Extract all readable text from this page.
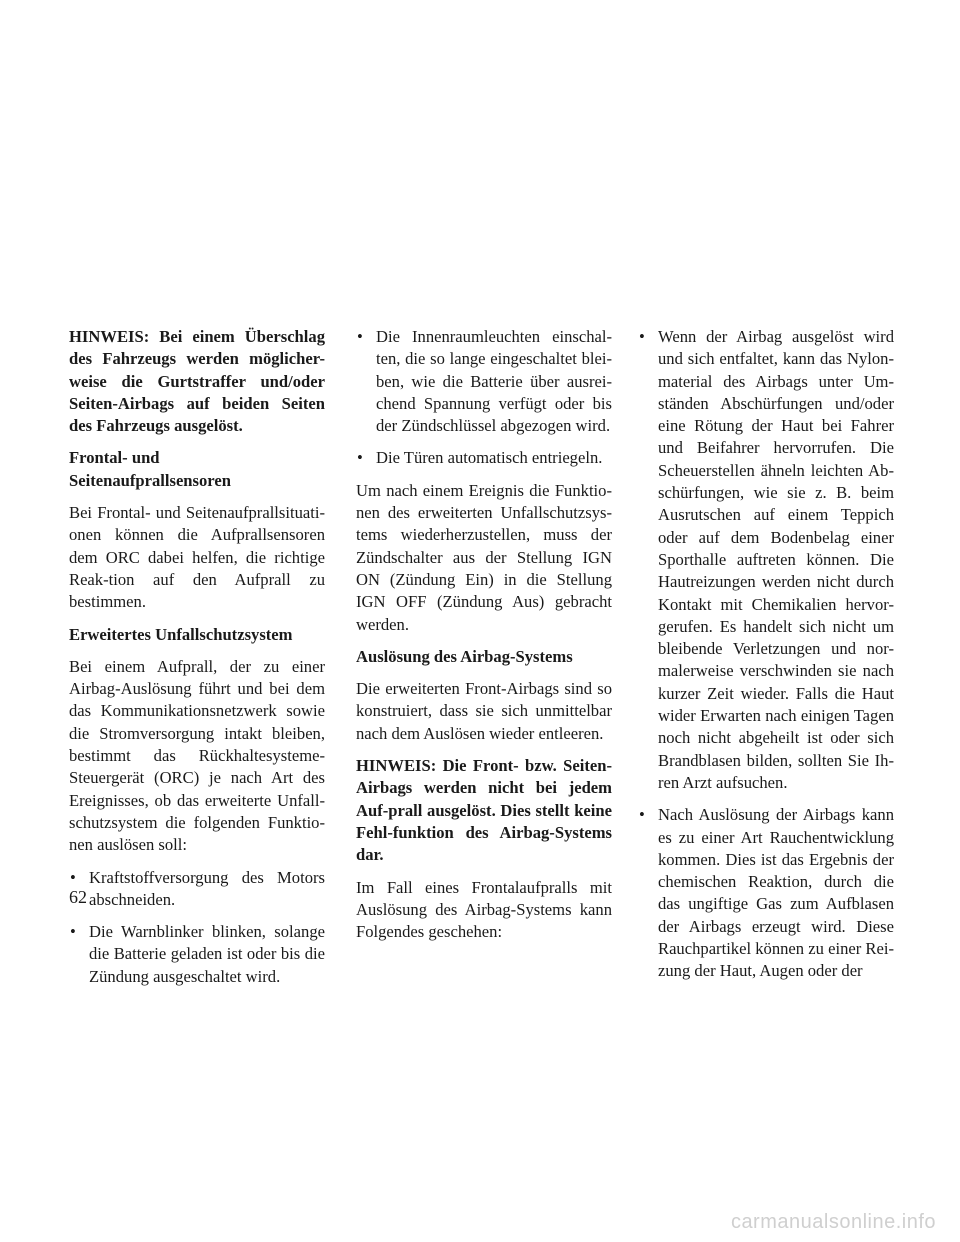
HINWEIS: Bei einem Überschlag des Fahrzeugs werden möglicher-weise die Gurtstraffer und/oder Seiten-Airbags auf beiden Seiten des Fahrzeugs ausgelöst.

Frontal- und Seitenaufprallsensoren

Bei Frontal- und Seitenaufprallsituati-onen können die Aufprallsensoren dem ORC dabei helfen, die richtige Reak-tion auf den Aufprall zu bestimmen.

Erweitertes Unfallschutzsystem

Bei einem Aufprall, der zu einer Airbag-Auslösung führt und bei dem das Kommunikationsnetzwerk sowie die Stromversorgung intakt bleiben, bestimmt das Rückhaltesysteme-Steuergerät (ORC) je nach Art des Ereignisses, ob das erweiterte Unfall-schutzsystem die folgenden Funktio-nen auslösen soll:

• Kraftstoffversorgung des Motors abschneiden.
• Die Warnblinker blinken, solange die Batterie geladen ist oder bis die Zündung ausgeschaltet wird.
• Die Innenraumleuchten einschal-ten, die so lange eingeschaltet blei-ben, wie die Batterie über ausrei-chend Spannung verfügt oder bis der Zündschlüssel abgezogen wird.
• Die Türen automatisch entriegeln.

Um nach einem Ereignis die Funktio-nen des erweiterten Unfallschutzsys-tems wiederherzustellen, muss der Zündschalter aus der Stellung IGN ON (Zündung Ein) in die Stellung IGN OFF (Zündung Aus) gebracht werden.

Auslösung des Airbag-Systems

Die erweiterten Front-Airbags sind so konstruiert, dass sie sich unmittelbar nach dem Auslösen wieder entleeren.

HINWEIS: Die Front- bzw. Seiten-Airbags werden nicht bei jedem Auf-prall ausgelöst. Dies stellt keine Fehl-funktion des Airbag-Systems dar.

Im Fall eines Frontalaufpralls mit Auslösung des Airbag-Systems kann Folgendes geschehen:

• Wenn der Airbag ausgelöst wird und sich entfaltet, kann das Nylon-material des Airbags unter Um-ständen Abschürfungen und/oder eine Rötung der Haut bei Fahrer und Beifahrer hervorrufen. Die Scheuerstellen ähneln leichten Ab-schürfungen, wie sie z. B. beim Ausrutschen auf einem Teppich oder auf dem Bodenbelag einer Sporthalle auftreten können. Die Hautreizungen werden nicht durch Kontakt mit Chemikalien hervor-gerufen. Es handelt sich nicht um bleibende Verletzungen und nor-malerweise verschwinden sie nach kurzer Zeit wieder. Falls die Haut wider Erwarten nach einigen Tagen noch nicht abgeheilt ist oder sich Brandblasen bilden, sollten Sie Ih-ren Arzt aufsuchen.
• Nach Auslösung der Airbags kann es zu einer Art Rauchentwicklung kommen. Dies ist das Ergebnis der chemischen Reaktion, durch die das ungiftige Gas zum Aufblasen der Airbags erzeugt wird. Diese Rauchpartikel können zu einer Rei-zung der Haut, Augen oder der
62
carmanualsonline.info
